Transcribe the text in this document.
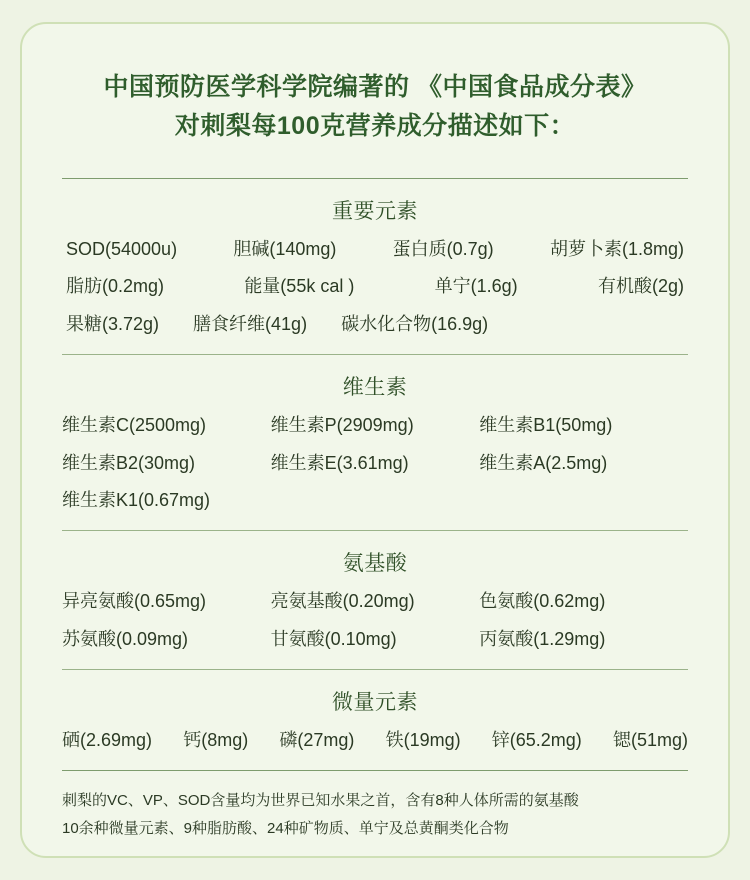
中国预防医学科学院编著的 《中国食品成分表》
对刺梨每100克营养成分描述如下：
重要元素
SOD(54000u)	胆碱(140mg)	蛋白质(0.7g)	胡萝卜素(1.8mg)
脂肪(0.2mg)	能量(55k cal )	单宁(1.6g)	有机酸(2g)
果糖(3.72g) 膳食纤维(41g) 碳水化合物(16.9g)
维生素
维生素C(2500mg)	维生素P(2909mg)	维生素B1(50mg)
维生素B2(30mg)	维生素E(3.61mg)	维生素A(2.5mg)
维生素K1(0.67mg)
氨基酸
异亮氨酸(0.65mg)	亮氨基酸(0.20mg)	色氨酸(0.62mg)
苏氨酸(0.09mg)	甘氨酸(0.10mg)	丙氨酸(1.29mg)
微量元素
硒(2.69mg) 钙(8mg) 磷(27mg) 铁(19mg) 锌(65.2mg) 锶(51mg)
刺梨的VC、VP、SOD含量均为世界已知水果之首，含有8种人体所需的氨基酸
10余种微量元素、9种脂肪酸、24种矿物质、单宁及总黄酮类化合物
